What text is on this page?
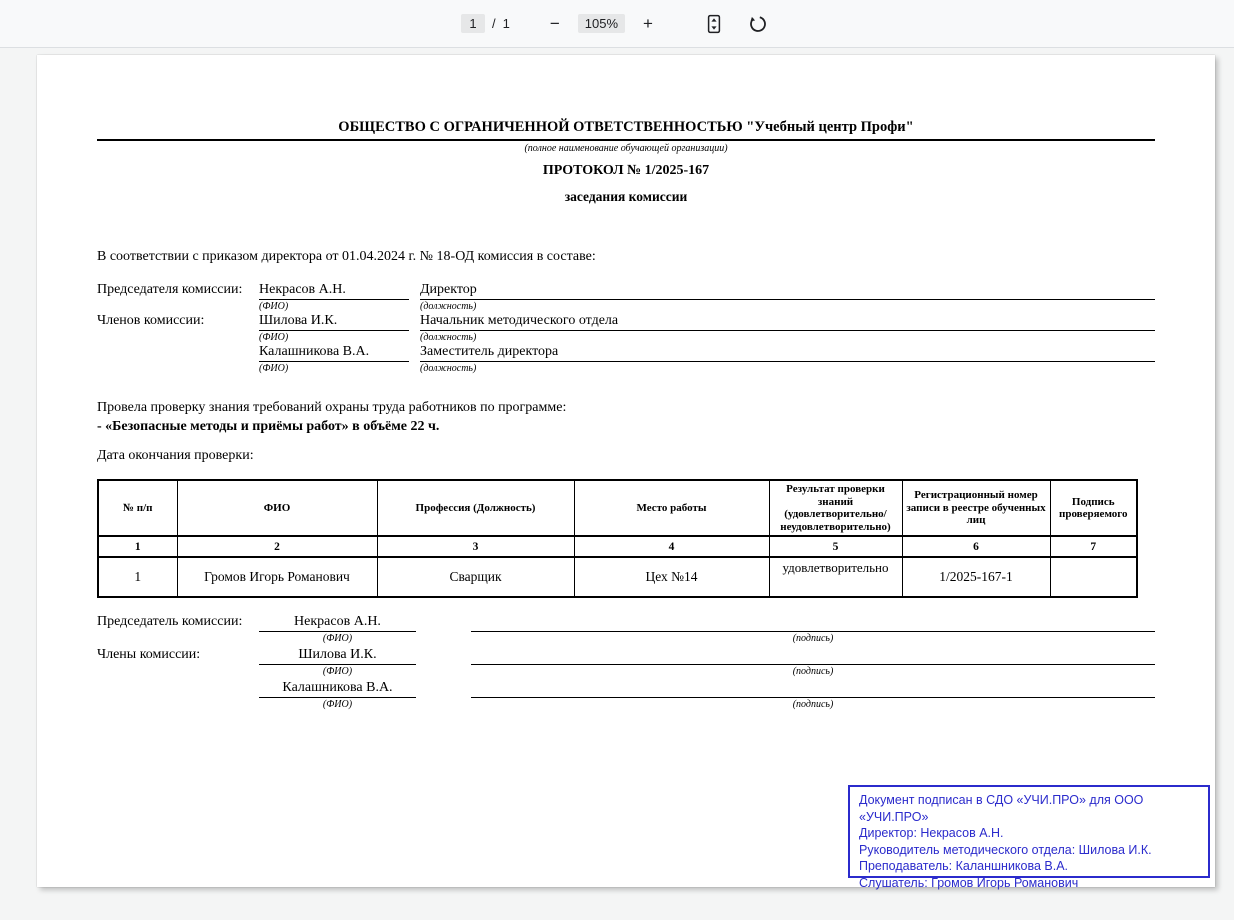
1	/ 1	−	105%	+
ОБЩЕСТВО С ОГРАНИЧЕННОЙ ОТВЕТСТВЕННОСТЬЮ "Учебный центр Профи"
(полное наименование обучающей организации)
ПРОТОКОЛ № 1/2025-167
заседания комиссии
В соответствии с приказом директора от 01.04.2024 г. № 18-ОД комиссия в составе:
Председателя комиссии:	Некрасов А.Н.	Директор
(ФИО)	(должность)
Членов комиссии:	Шилова И.К.	Начальник методического отдела
(ФИО)	(должность)
Калашникова В.А.	Заместитель директора
(ФИО)	(должность)
Провела проверку знания требований охраны труда работников по программе:
- «Безопасные методы и приёмы работ» в объёме 22 ч.
Дата окончания проверки:
№ п/п	ФИО	Профессия (Должность)	Место работы	Результат проверки знаний (удовлетворительно/ неудовлетворительно)	Регистрационный номер записи в реестре обученных лиц	Подпись проверяемого
1	2	3	4	5	6	7
1	Громов Игорь Романович	Сварщик	Цех №14	удовлетворительно	1/2025-167-1	
Председатель комиссии:	Некрасов А.Н.
(ФИО)	(подпись)
Члены комиссии:	Шилова И.К.
(ФИО)	(подпись)
Калашникова В.А.
(ФИО)	(подпись)
Документ подписан в СДО «УЧИ.ПРО» для ООО «УЧИ.ПРО»
Директор: Некрасов А.Н.
Руководитель методического отдела: Шилова И.К.
Преподаватель: Каланшникова В.А.
Слушатель: Громов Игорь Романович
